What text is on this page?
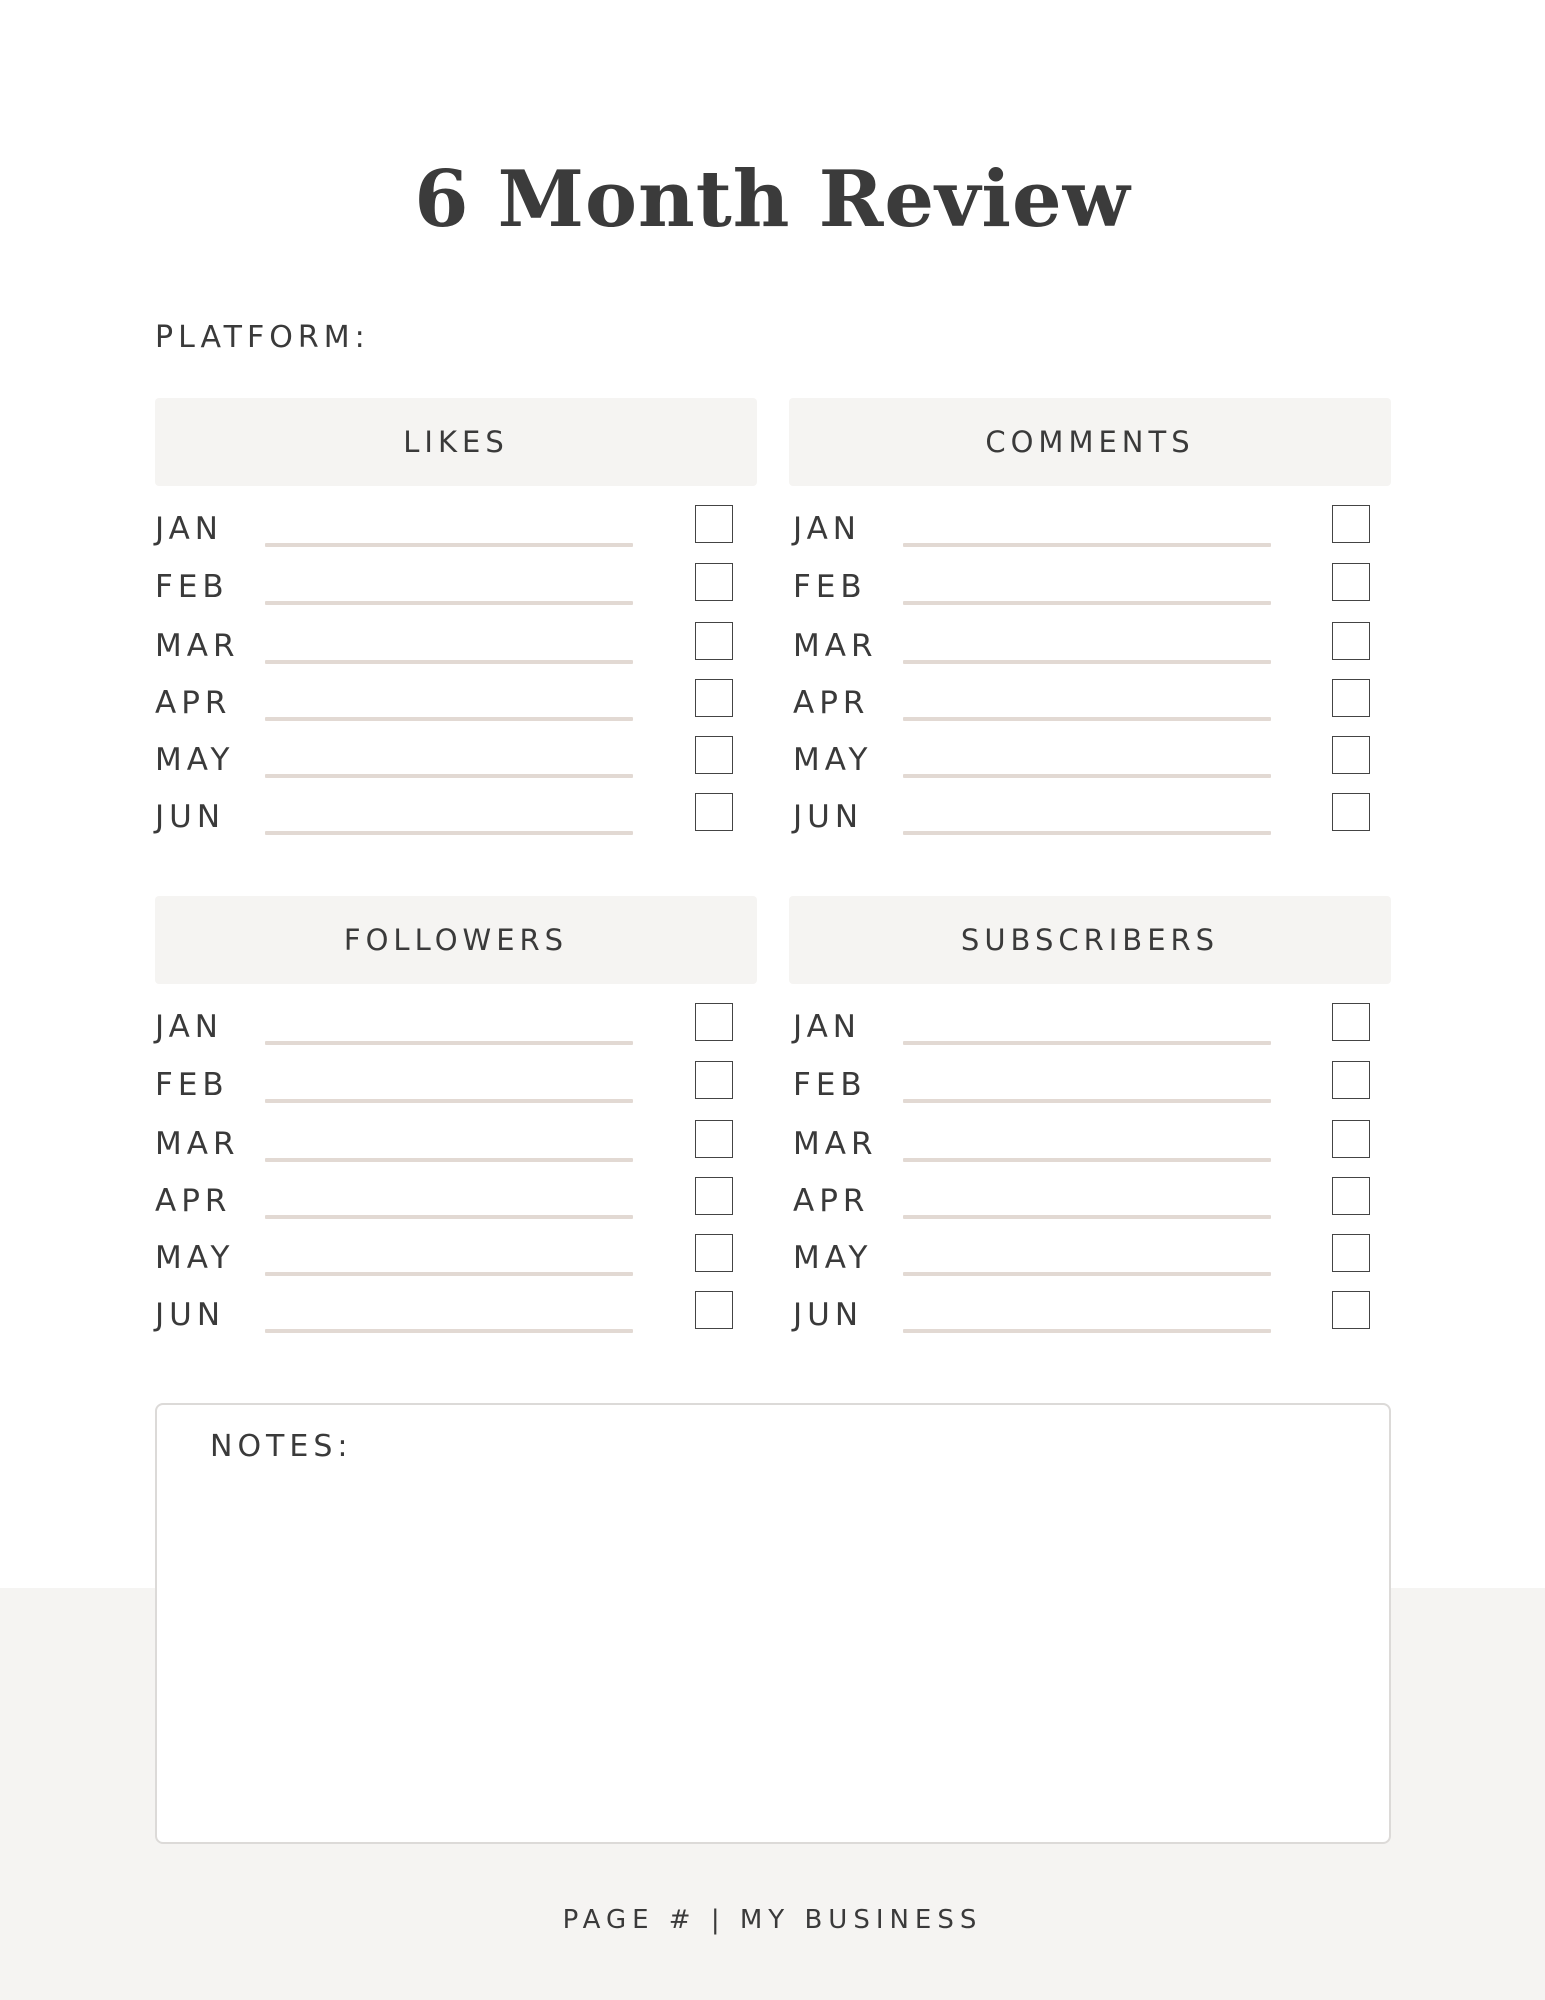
6 Month Review
PLATFORM:
LIKES
JAN
FEB
MAR
APR
MAY
JUN
COMMENTS
JAN
FEB
MAR
APR
MAY
JUN
FOLLOWERS
JAN
FEB
MAR
APR
MAY
JUN
SUBSCRIBERS
JAN
FEB
MAR
APR
MAY
JUN
NOTES:
PAGE # | MY BUSINESS
